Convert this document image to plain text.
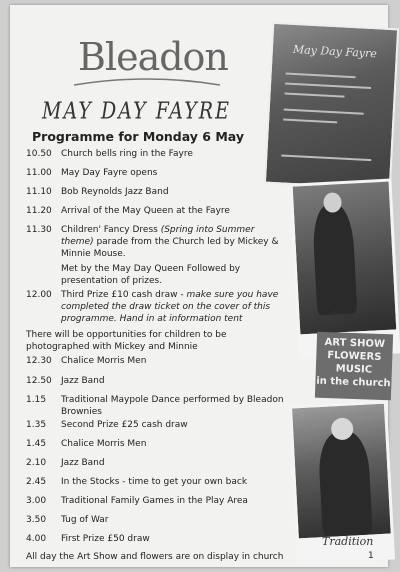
Bleadon
MAY DAY FAYRE
Programme for Monday 6 May
10.50	Church bells ring in the Fayre
11.00	May Day Fayre opens
11.10	Bob Reynolds Jazz Band
11.20	Arrival of the May Queen at the Fayre
11.30	Children' Fancy Dress (Spring into Summer theme) parade from the Church led by Mickey & Minnie Mouse.
Met by the May Day Queen Followed by presentation of prizes.
12.00	Third Prize £10 cash draw - make sure you have completed the draw ticket on the cover of this programme. Hand in at information tent
There will be opportunities for children to be photographed with Mickey and Minnie
12.30	Chalice Morris Men
12.50	Jazz Band
1.15	Traditional Maypole Dance performed by Bleadon Brownies
1.35	Second Prize £25 cash draw
1.45	Chalice Morris Men
2.10	Jazz Band
2.45	In the Stocks - time to get your own back
3.00	Traditional Family Games in the Play Area
3.50	Tug of War
4.00	First Prize £50 draw
All day the Art Show and flowers are on display in church
May Day Fayre
Live Jazz
ART SHOW
FLOWERS
MUSIC
in the church
Tradition
1
